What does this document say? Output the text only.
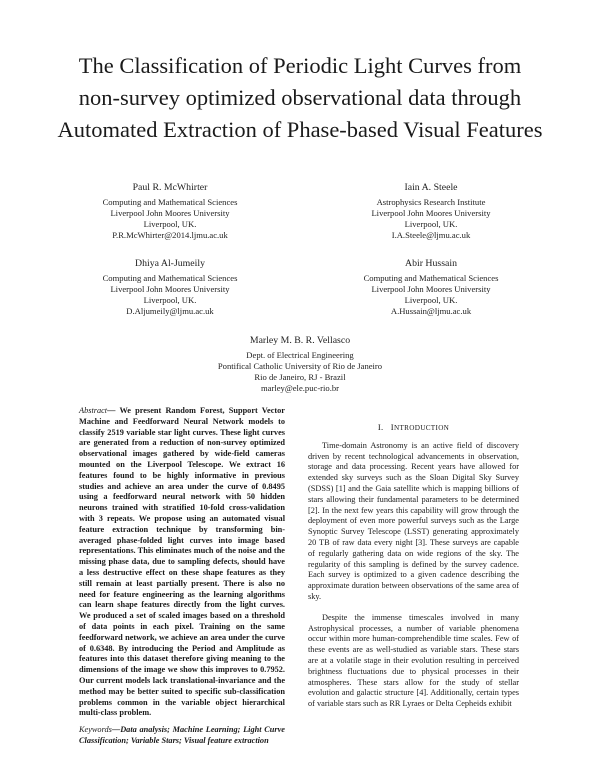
The Classification of Periodic Light Curves from
non-survey optimized observational data through
Automated Extraction of Phase-based Visual Features
Paul R. McWhirter
Computing and Mathematical Sciences
Liverpool John Moores University
Liverpool, UK.
P.R.McWhirter@2014.ljmu.ac.uk
Iain A. Steele
Astrophysics Research Institute
Liverpool John Moores University
Liverpool, UK.
I.A.Steele@ljmu.ac.uk
Dhiya Al-Jumeily
Computing and Mathematical Sciences
Liverpool John Moores University
Liverpool, UK.
D.Aljumeily@ljmu.ac.uk
Abir Hussain
Computing and Mathematical Sciences
Liverpool John Moores University
Liverpool, UK.
A.Hussain@ljmu.ac.uk
Marley M. B. R. Vellasco
Dept. of Electrical Engineering
Pontifical Catholic University of Rio de Janeiro
Rio de Janeiro, RJ - Brazil
marley@ele.puc-rio.br
Abstract— We present Random Forest, Support Vector Machine and Feedforward Neural Network models to classify 2519 variable star light curves. These light curves are generated from a reduction of non-survey optimized observational images gathered by wide-field cameras mounted on the Liverpool Telescope. We extract 16 features found to be highly informative in previous studies and achieve an area under the curve of 0.8495 using a feedforward neural network with 50 hidden neurons trained with stratified 10-fold cross-validation with 3 repeats. We propose using an automated visual feature extraction technique by transforming bin-averaged phase-folded light curves into image based representations. This eliminates much of the noise and the missing phase data, due to sampling defects, should have a less destructive effect on these shape features as they still remain at least partially present. There is also no need for feature engineering as the learning algorithms can learn shape features directly from the light curves. We produced a set of scaled images based on a threshold of data points in each pixel. Training on the same feedforward network, we achieve an area under the curve of 0.6348. By introducing the Period and Amplitude as features into this dataset therefore giving meaning to the dimensions of the image we show this improves to 0.7952. Our current models lack translational-invariance and the method may be better suited to specific sub-classification problems common in the variable object hierarchical multi-class problem.
Keywords—Data analysis; Machine Learning; Light Curve Classification; Variable Stars; Visual feature extraction
I. INTRODUCTION

Time-domain Astronomy is an active field of discovery driven by recent technological advancements in observation, storage and data processing. Recent years have allowed for extended sky surveys such as the Sloan Digital Sky Survey (SDSS) [1] and the Gaia satellite which is mapping billions of stars allowing their fundamental parameters to be determined [2]. In the next few years this capability will grow through the deployment of even more powerful surveys such as the Large Synoptic Survey Telescope (LSST) generating approximately 20 TB of raw data every night [3]. These surveys are capable of regularly gathering data on wide regions of the sky. The regularity of this sampling is defined by the survey cadence. Each survey is optimized to a given cadence describing the approximate duration between observations of the same area of sky.

Despite the immense timescales involved in many Astrophysical processes, a number of variable phenomena occur within more human-comprehendible time scales. Few of these events are as well-studied as variable stars. These stars are at a volatile stage in their evolution resulting in perceived brightness fluctuations due to physical processes in their atmospheres. These stars allow for the study of stellar evolution and galactic structure [4]. Additionally, certain types of variable stars such as RR Lyraes or Delta Cepheids exhibit
